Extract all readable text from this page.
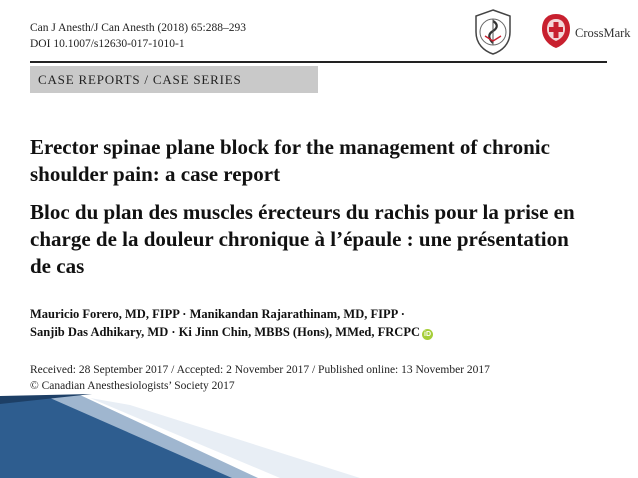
Can J Anesth/J Can Anesth (2018) 65:288–293
DOI 10.1007/s12630-017-1010-1
CrossMark
CASE REPORTS / CASE SERIES
Erector spinae plane block for the management of chronic shoulder pain: a case report
Bloc du plan des muscles érecteurs du rachis pour la prise en charge de la douleur chronique à l’épaule : une présentation de cas
Mauricio Forero, MD, FIPP · Manikandan Rajarathinam, MD, FIPP ·
Sanjib Das Adhikary, MD · Ki Jinn Chin, MBBS (Hons), MMed, FRCPC iD
Received: 28 September 2017 / Accepted: 2 November 2017 / Published online: 13 November 2017
© Canadian Anesthesiologists’ Society 2017
